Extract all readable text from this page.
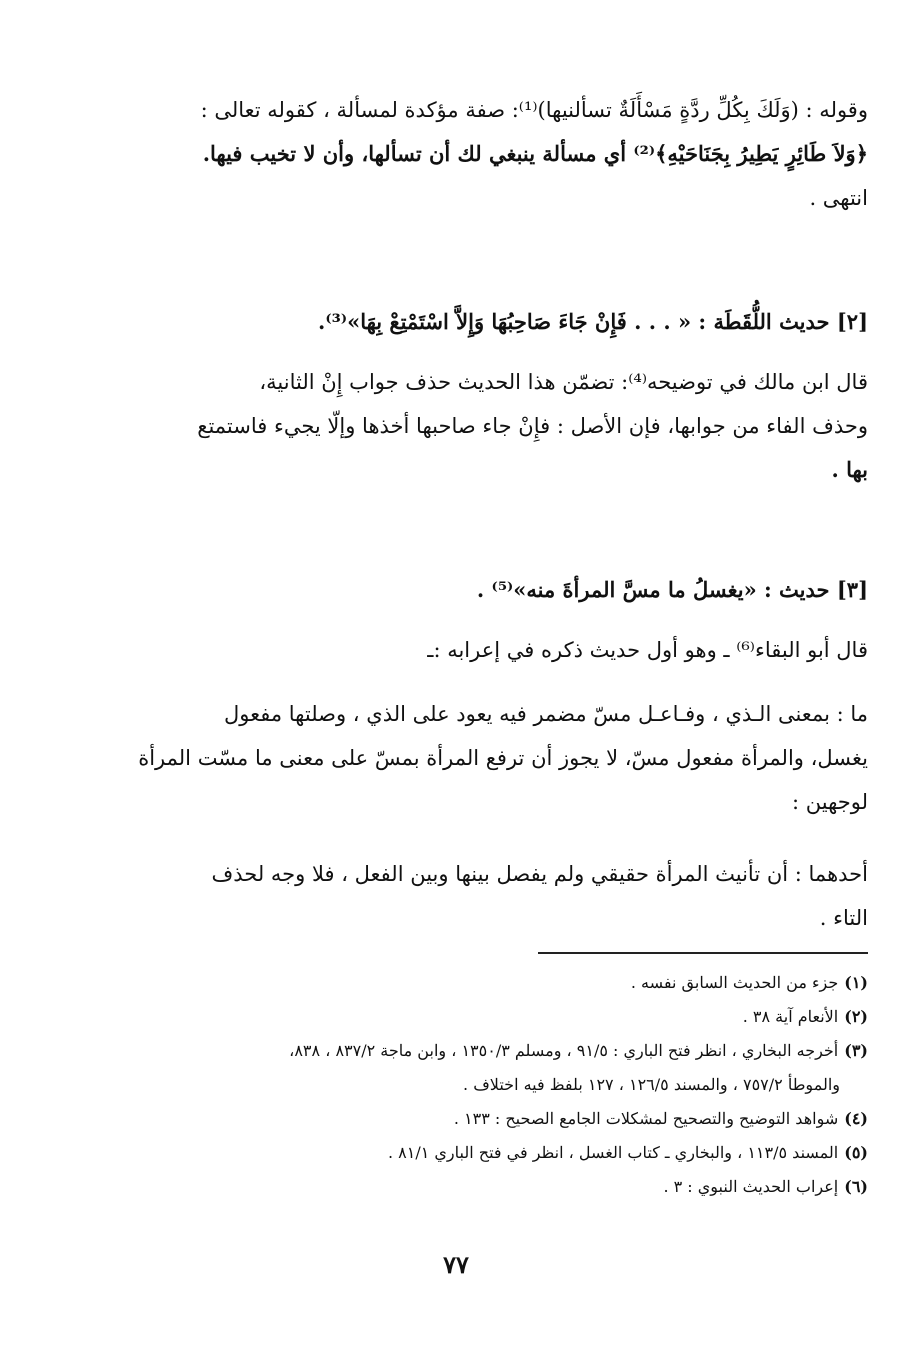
وقوله : (وَلَكَ بِكُلِّ ردَّةٍ مَسْأَلَةٌ تسألنيها)⁽¹⁾: صفة مؤكدة لمسألة ، كقوله تعالى :
﴿وَلاَ طَائِرٍ يَطِيرُ بِجَنَاحَيْهِ﴾⁽²⁾ أي مسألة ينبغي لك أن تسألها، وأن لا تخيب فيها.
انتهى .
[٢] حديث اللُّقَطَة : « . . . فَإِنْ جَاءَ صَاحِبُهَا وَإِلاَّ اسْتَمْتِعْ بِهَا»⁽³⁾.
قال ابن مالك في توضيحه⁽⁴⁾: تضمّن هذا الحديث حذف جواب إِنْ الثانية،
وحذف الفاء من جوابها، فإن الأصل : فإِنْ جاء صاحبها أخذها وإلّا يجيء فاستمتع
بها .
[٣] حديث : «يغسلُ ما مسَّ المرأةَ منه»⁽⁵⁾ .
قال أبو البقاء⁽⁶⁾ ـ وهو أول حديث ذكره في إعرابه :ـ
ما : بمعنى الـذي ، وفـاعـل مسّ مضمر فيه يعود على الذي ، وصلتها مفعول
يغسل، والمرأة مفعول مسّ، لا يجوز أن ترفع المرأة بمسّ على معنى ما مسّت المرأة
لوجهين :
أحدهما : أن تأنيث المرأة حقيقي ولم يفصل بينها وبين الفعل ، فلا وجه لحذف
التاء .
(١)جزء من الحديث السابق نفسه .
(٢)الأنعام آية ٣٨ .
(٣)أخرجه البخاري ، انظر فتح الباري : ٩١/٥ ، ومسلم ١٣٥٠/٣ ، وابن ماجة ٨٣٧/٢ ، ٨٣٨،
والموطأ ٧٥٧/٢ ، والمسند ١٢٦/٥ ، ١٢٧ بلفظ فيه اختلاف .
(٤)شواهد التوضيح والتصحيح لمشكلات الجامع الصحيح : ١٣٣ .
(٥)المسند ١١٣/٥ ، والبخاري ـ كتاب الغسل ، انظر في فتح الباري ٨١/١ .
(٦)إعراب الحديث النبوي : ٣ .
٧٧
